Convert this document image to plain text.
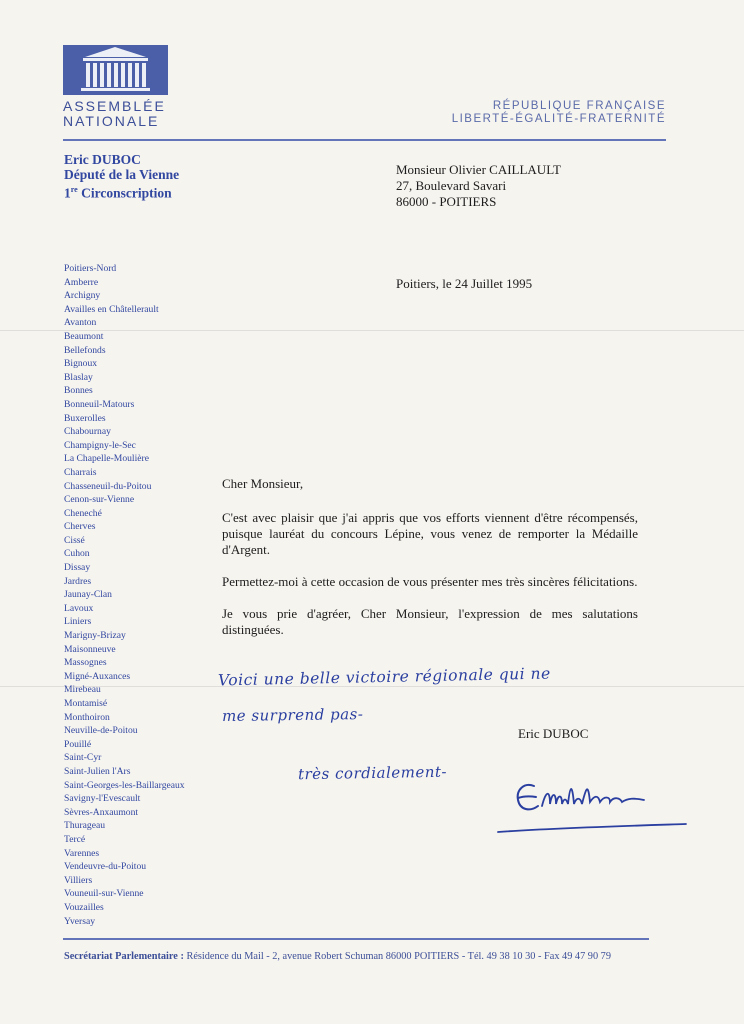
ASSEMBLÉE
NATIONALE
RÉPUBLIQUE FRANÇAISE
LIBERTÉ-ÉGALITÉ-FRATERNITÉ
Eric DUBOC
Député de la Vienne
1re Circonscription
Monsieur Olivier CAILLAULT
27, Boulevard Savari
86000 - POITIERS
Poitiers, le 24 Juillet 1995
Poitiers-Nord
Amberre
Archigny
Availles en Châtellerault
Avanton
Beaumont
Bellefonds
Bignoux
Blaslay
Bonnes
Bonneuil-Matours
Buxerolles
Chabournay
Champigny-le-Sec
La Chapelle-Moulière
Charrais
Chasseneuil-du-Poitou
Cenon-sur-Vienne
Cheneché
Cherves
Cissé
Cuhon
Dissay
Jardres
Jaunay-Clan
Lavoux
Liniers
Marigny-Brizay
Maisonneuve
Massognes
Migné-Auxances
Mirebeau
Montamisé
Monthoiron
Neuville-de-Poitou
Pouillé
Saint-Cyr
Saint-Julien l'Ars
Saint-Georges-les-Baillargeaux
Savigny-l'Evescault
Sèvres-Anxaumont
Thurageau
Tercé
Varennes
Vendeuvre-du-Poitou
Villiers
Vouneuil-sur-Vienne
Vouzailles
Yversay

Cher Monsieur,

C'est avec plaisir que j'ai appris que vos efforts viennent d'être récompensés, puisque lauréat du concours Lépine, vous venez de remporter la Médaille d'Argent.

Permettez-moi à cette occasion de vous présenter mes très sincères félicitations.

Je vous prie d'agréer, Cher Monsieur, l'expression de mes salutations distinguées.

Voici une belle victoire régionale qui ne
me surprend pas-
très cordialement-
Eric DUBOC
Secrétariat Parlementaire : Résidence du Mail - 2, avenue Robert Schuman 86000 POITIERS - Tél. 49 38 10 30 - Fax 49 47 90 79
